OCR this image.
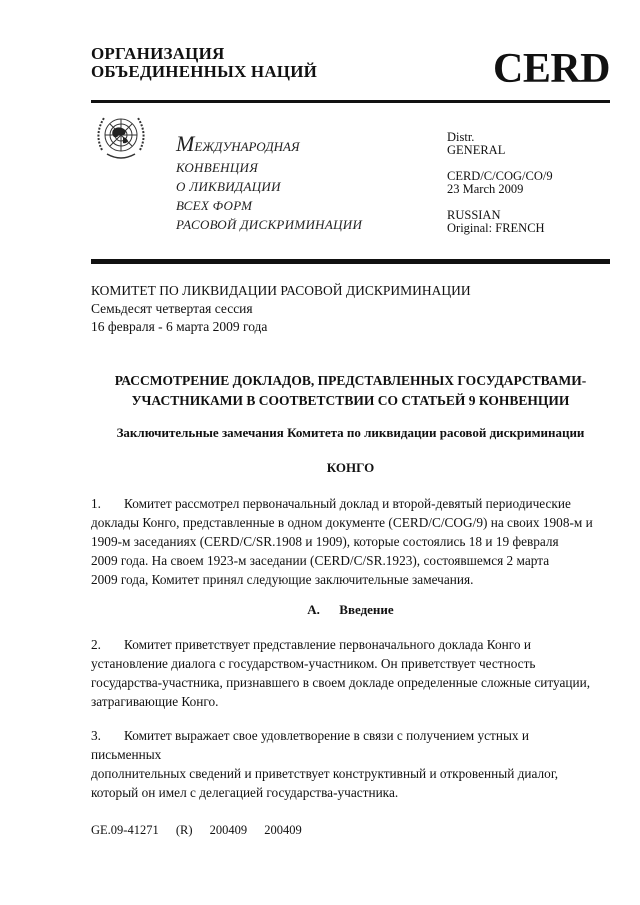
ОРГАНИЗАЦИЯ
ОБЪЕДИНЕННЫХ НАЦИЙ	CERD
МЕЖДУНАРОДНАЯ
КОНВЕНЦИЯ
О ЛИКВИДАЦИИ
ВСЕХ ФОРМ
РАСОВОЙ ДИСКРИМИНАЦИИ
Distr.
GENERAL
CERD/C/COG/CO/9
23 March 2009
RUSSIAN
Original: FRENCH
КОМИТЕТ ПО ЛИКВИДАЦИИ РАСОВОЙ ДИСКРИМИНАЦИИ
Семьдесят четвертая сессия
16 февраля - 6 марта 2009 года
РАССМОТРЕНИЕ ДОКЛАДОВ, ПРЕДСТАВЛЕННЫХ ГОСУДАРСТВАМИ-
УЧАСТНИКАМИ В СООТВЕТСТВИИ СО СТАТЬЕЙ 9 КОНВЕНЦИИ
Заключительные замечания Комитета по ликвидации расовой дискриминации
КОНГО
1. Комитет рассмотрел первоначальный доклад и второй-девятый периодические
доклады Конго, представленные в одном документе (CERD/C/COG/9) на своих 1908-м и
1909-м заседаниях (CERD/C/SR.1908 и 1909), которые состоялись 18 и 19 февраля
2009 года. На своем 1923-м заседании (CERD/C/SR.1923), состоявшемся 2 марта
2009 года, Комитет принял следующие заключительные замечания.
A. Введение
2. Комитет приветствует представление первоначального доклада Конго и
установление диалога с государством-участником. Он приветствует честность
государства-участника, признавшего в своем докладе определенные сложные ситуации,
затрагивающие Конго.
3. Комитет выражает свое удовлетворение в связи с получением устных и письменных
дополнительных сведений и приветствует конструктивный и откровенный диалог,
который он имел с делегацией государства-участника.
GE.09-41271 (R) 200409 200409
